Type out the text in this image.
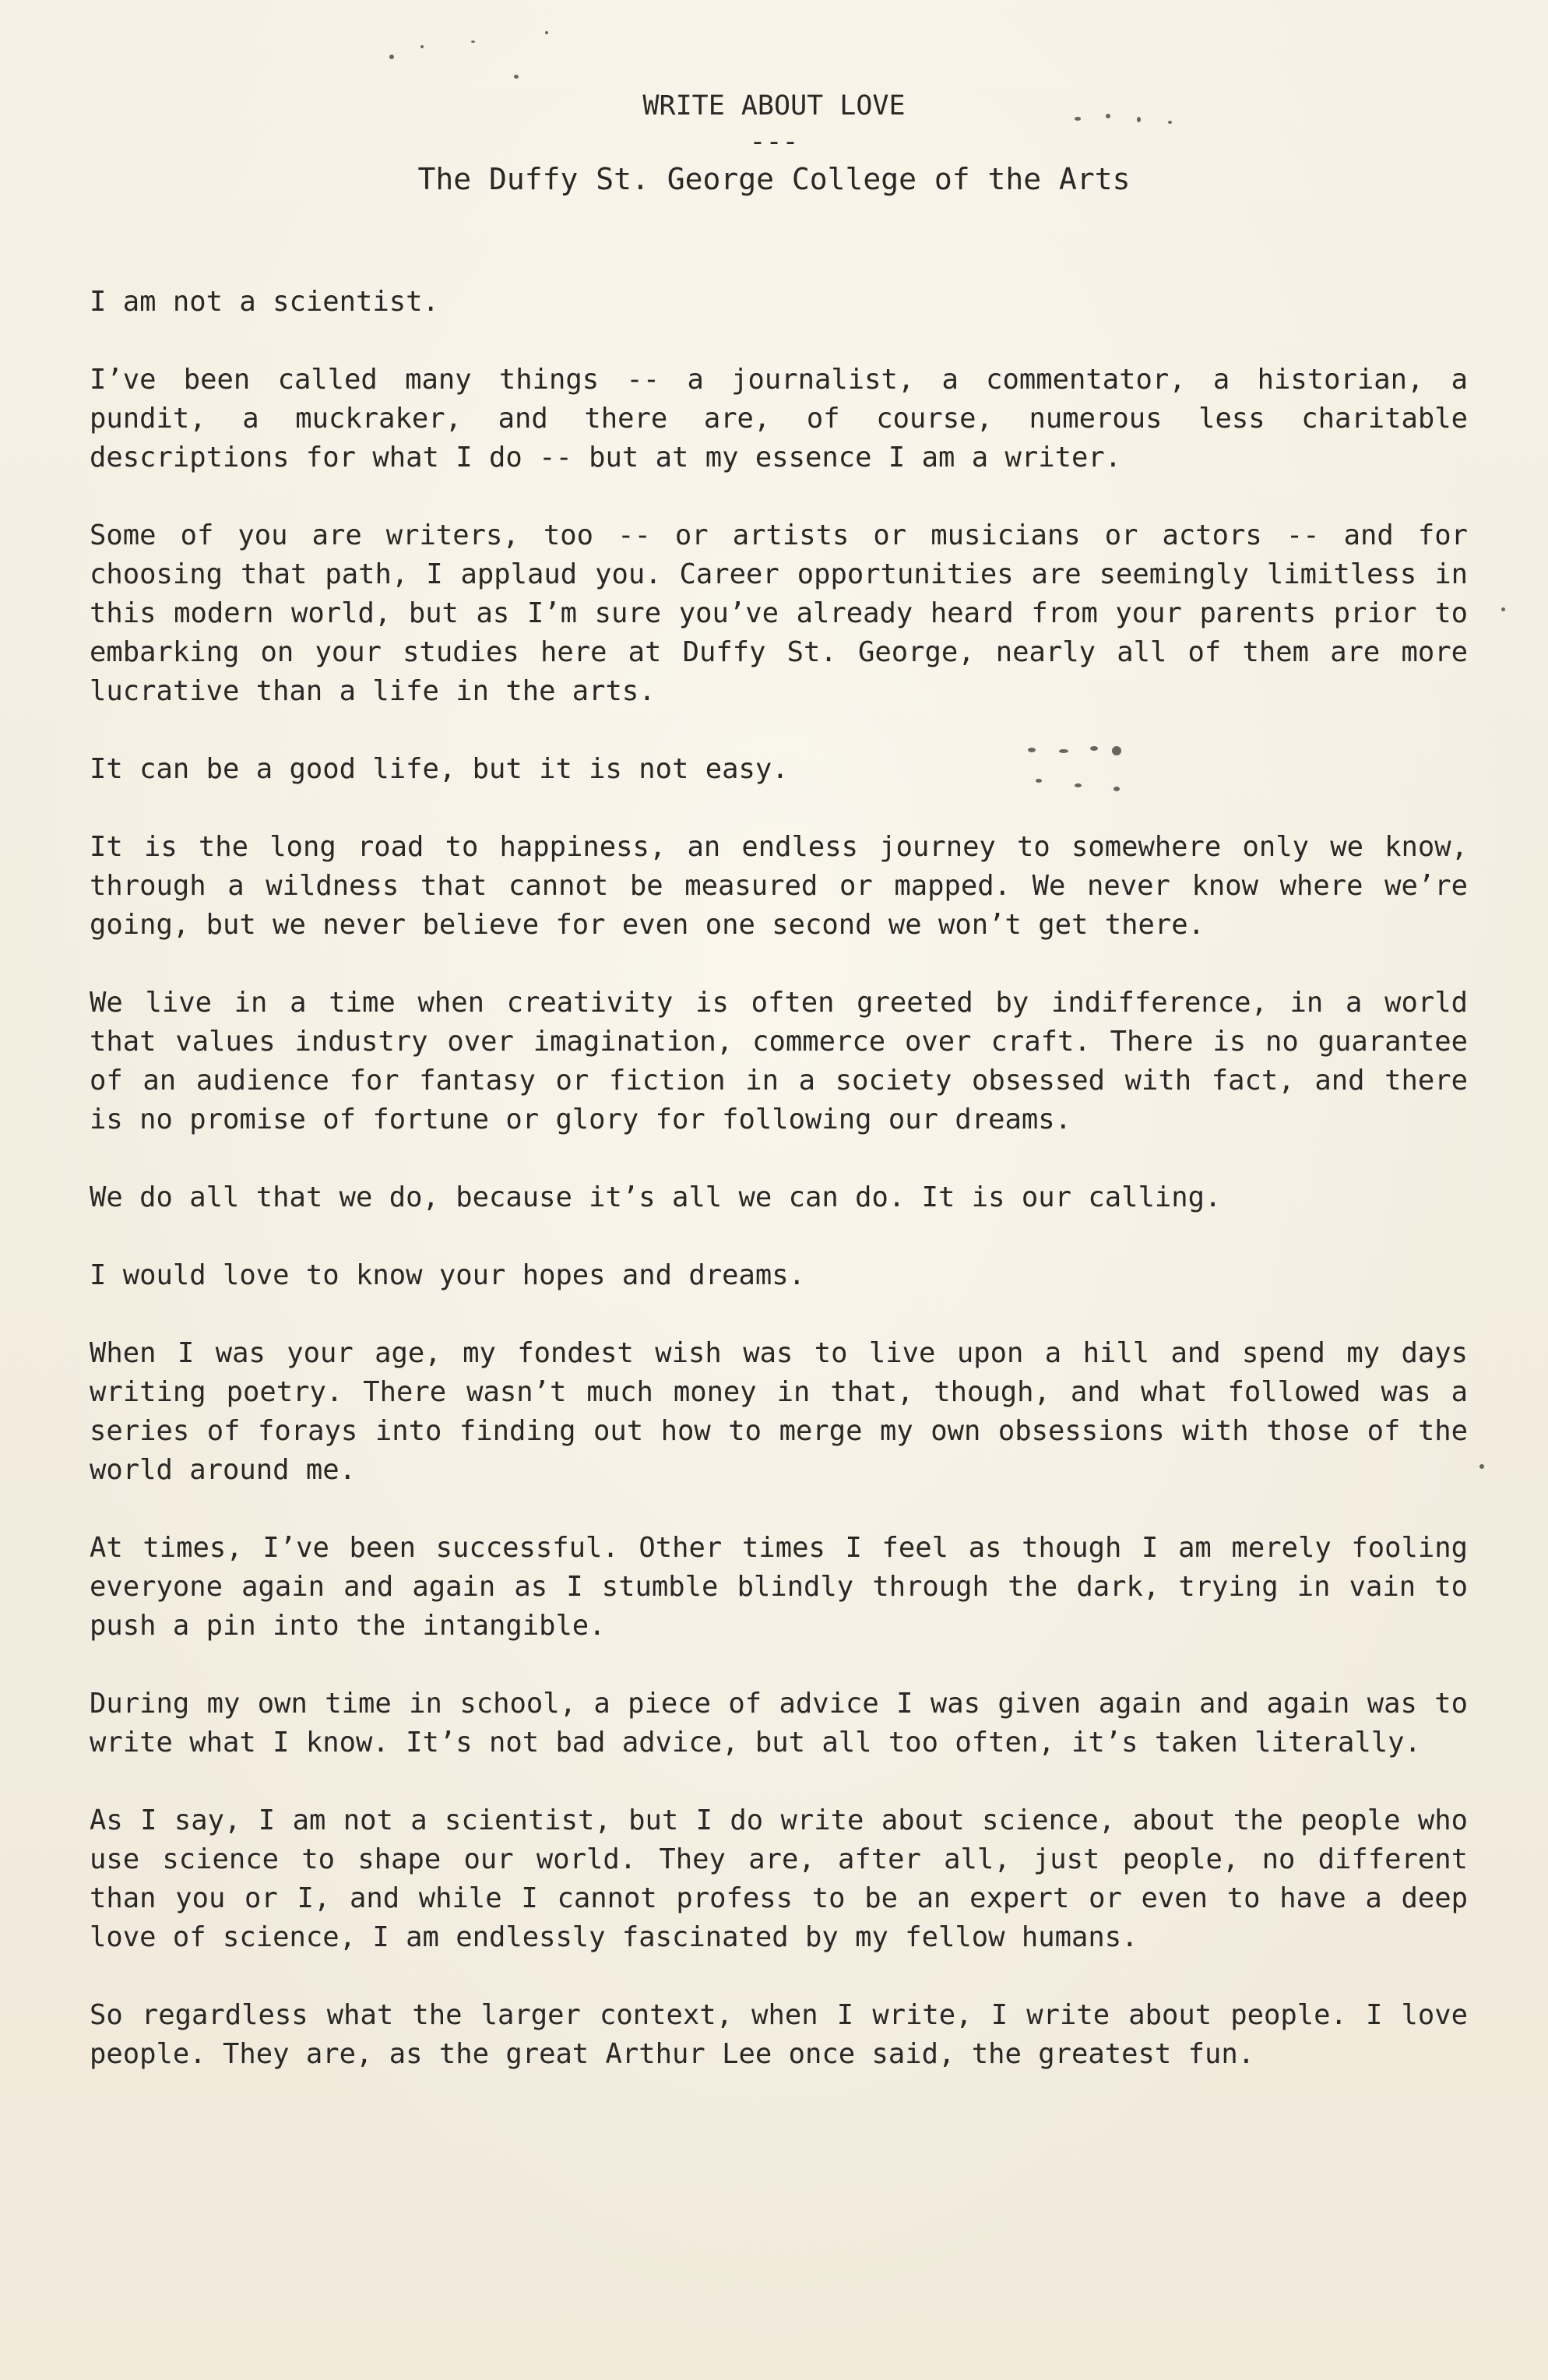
WRITE ABOUT LOVE

---

The Duffy St. George College of the Arts

I am not a scientist.

I’ve been called many things -- a journalist, a commentator, a historian, a pundit, a muckraker, and there are, of course, numerous less charitable descriptions for what I do -- but at my essence I am a writer.

Some of you are writers, too -- or artists or musicians or actors -- and for choosing that path, I applaud you. Career opportunities are seemingly limitless in this modern world, but as I’m sure you’ve already heard from your parents prior to embarking on your studies here at Duffy St. George, nearly all of them are more lucrative than a life in the arts.

It can be a good life, but it is not easy.

It is the long road to happiness, an endless journey to somewhere only we know, through a wildness that cannot be measured or mapped. We never know where we’re going, but we never believe for even one second we won’t get there.

We live in a time when creativity is often greeted by indifference, in a world that values industry over imagination, commerce over craft. There is no guarantee of an audience for fantasy or fiction in a society obsessed with fact, and there is no promise of fortune or glory for following our dreams.

We do all that we do, because it’s all we can do. It is our calling.

I would love to know your hopes and dreams.

When I was your age, my fondest wish was to live upon a hill and spend my days writing poetry. There wasn’t much money in that, though, and what followed was a series of forays into finding out how to merge my own obsessions with those of the world around me.

At times, I’ve been successful. Other times I feel as though I am merely fooling everyone again and again as I stumble blindly through the dark, trying in vain to push a pin into the intangible.

During my own time in school, a piece of advice I was given again and again was to write what I know. It’s not bad advice, but all too often, it’s taken literally.

As I say, I am not a scientist, but I do write about science, about the people who use science to shape our world. They are, after all, just people, no different than you or I, and while I cannot profess to be an expert or even to have a deep love of science, I am endlessly fascinated by my fellow humans.

So regardless what the larger context, when I write, I write about people. I love people. They are, as the great Arthur Lee once said, the greatest fun.
